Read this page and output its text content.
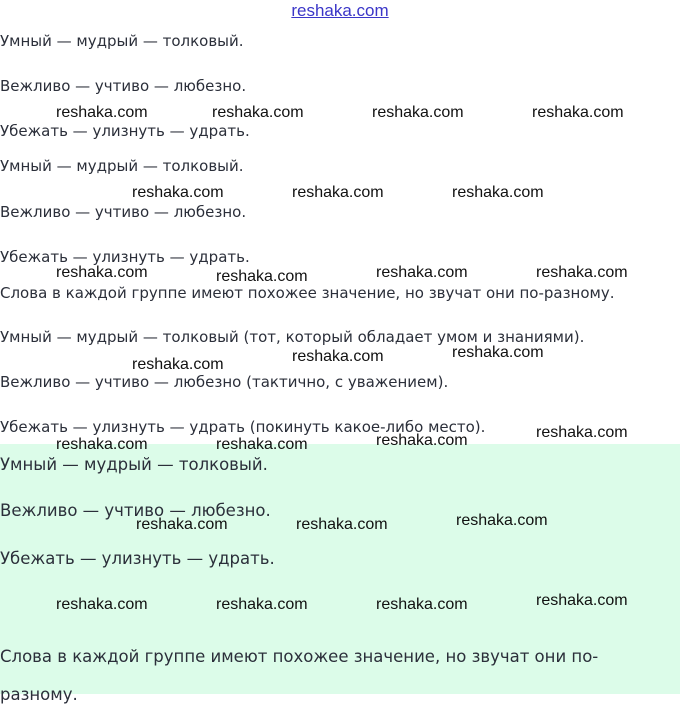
reshaka.com
Умный — мудрый — толковый.
Вежливо — учтиво — любезно.
Убежать — улизнуть — удрать.
Умный — мудрый — толковый.
Вежливо — учтиво — любезно.
Убежать — улизнуть — удрать.
Слова в каждой группе имеют похожее значение, но звучат они по-разному.
Умный — мудрый — толковый (тот, который обладает умом и знаниями).
Вежливо — учтиво — любезно (тактично, с уважением).
Убежать — улизнуть — удрать (покинуть какое-либо место).
Умный — мудрый — толковый.
Вежливо — учтиво — любезно.
Убежать — улизнуть — удрать.
Слова в каждой группе имеют похожее значение, но звучат они по-
разному.
reshaka.com	reshaka.com	reshaka.com	reshaka.com
reshaka.com	reshaka.com	reshaka.com
reshaka.com	reshaka.com	reshaka.com	reshaka.com
reshaka.com	reshaka.com	reshaka.com
reshaka.com	reshaka.com	reshaka.com	reshaka.com
reshaka.com	reshaka.com	reshaka.com
reshaka.com	reshaka.com	reshaka.com	reshaka.com
